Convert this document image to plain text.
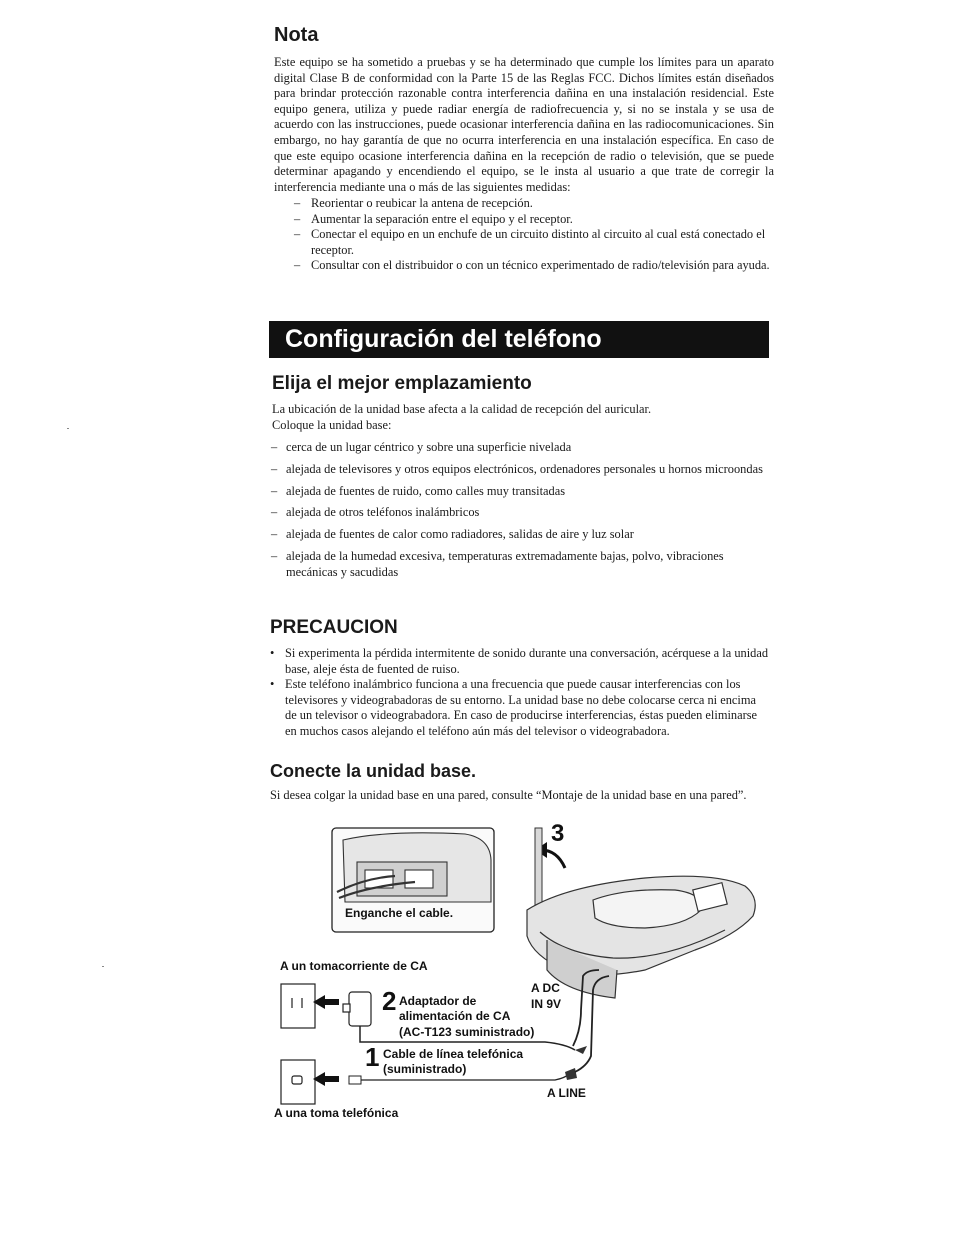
Nota

Este equipo se ha sometido a pruebas y se ha determinado que cumple los límites para un aparato digital Clase B de conformidad con la Parte 15 de las Reglas FCC. Dichos límites están diseñados para brindar protección razonable contra interferencia dañina en una instalación residencial. Este equipo genera, utiliza y puede radiar energía de radiofrecuencia y, si no se instala y se usa de acuerdo con las instrucciones, puede ocasionar interferencia dañina en las radiocomunicaciones. Sin embargo, no hay garantía de que no ocurra interferencia en una instalación específica. En caso de que este equipo ocasione interferencia dañina en la recepción de radio o televisión, que se puede determinar apagando y encendiendo el equipo, se le insta al usuario a que trate de corregir la interferencia mediante una o más de las siguientes medidas:

– Reorientar o reubicar la antena de recepción.
– Aumentar la separación entre el equipo y el receptor.
– Conectar el equipo en un enchufe de un circuito distinto al circuito al cual está conectado el receptor.
– Consultar con el distribuidor o con un técnico experimentado de radio/televisión para ayuda.
Configuración del teléfono
Elija el mejor emplazamiento
La ubicación de la unidad base afecta a la calidad de recepción del auricular.
Coloque la unidad base:
– cerca de un lugar céntrico y sobre una superficie nivelada
– alejada de televisores y otros equipos electrónicos, ordenadores personales u hornos microondas
– alejada de fuentes de ruido, como calles muy transitadas
– alejada de otros teléfonos inalámbricos
– alejada de fuentes de calor como radiadores, salidas de aire y luz solar
– alejada de la humedad excesiva, temperaturas extremadamente bajas, polvo, vibraciones mecánicas y sacudidas
PRECAUCION
• Si experimenta la pérdida intermitente de sonido durante una conversación, acérquese a la unidad base, aleje ésta de fuented de ruiso.
• Este teléfono inalámbrico funciona a una frecuencia que puede causar interferencias con los televisores y videograbadoras de su entorno. La unidad base no debe colocarse cerca ni encima de un televisor o videograbadora. En caso de producirse interferencias, éstas pueden eliminarse en muchos casos alejando el teléfono aún más del televisor o videograbadora.
Conecte la unidad base.

Si desea colgar la unidad base en una pared, consulte “Montaje de la unidad base en una pared”.

Enganche el cable.
3
A un tomacorriente de CA
2 Adaptador de
alimentación de CA
(AC-T123 suministrado)
A DC
IN 9V
1 Cable de línea telefónica
(suministrado)
A LINE
A una toma telefónica
